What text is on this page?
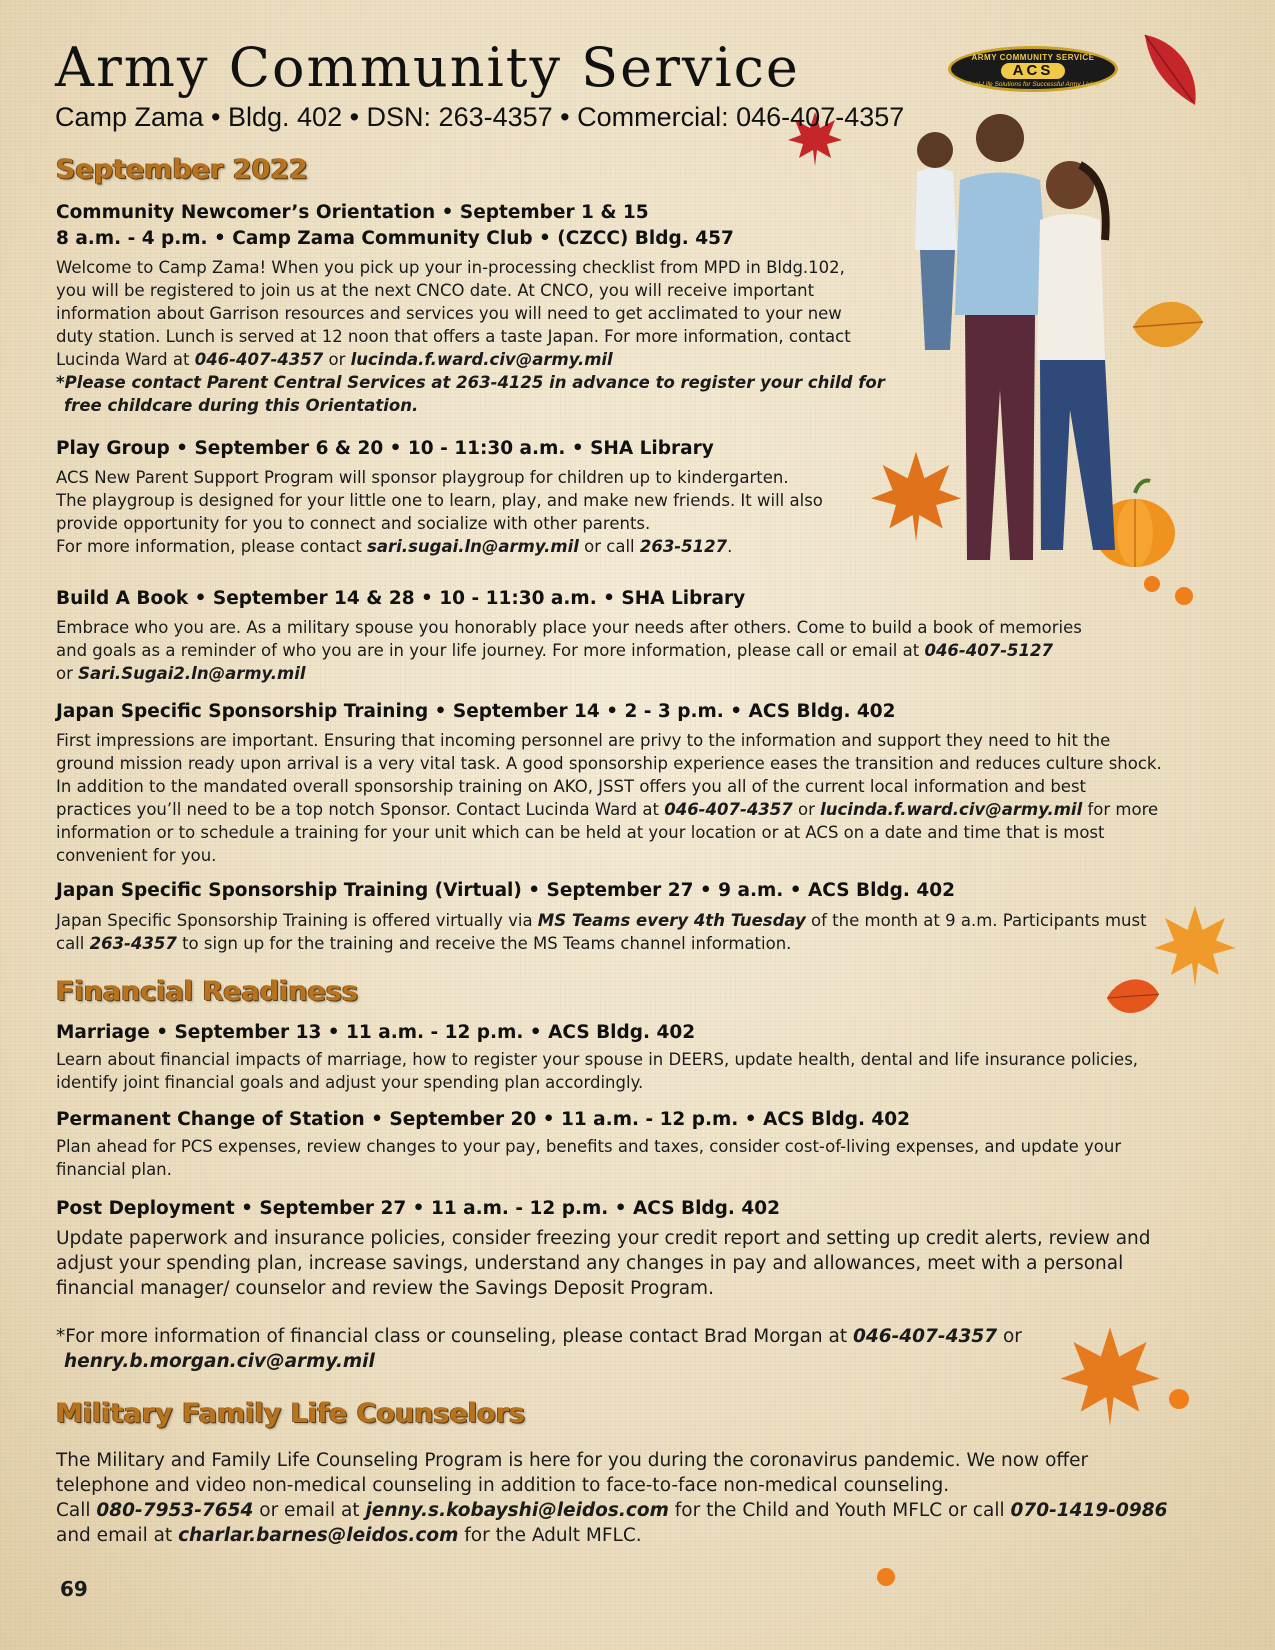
Army Community Service
Camp Zama • Bldg. 402 • DSN: 263-4357 • Commercial: 046-407-4357
ARMY COMMUNITY SERVICE
ACS
Real-Life Solutions for Successful Army Living
September 2022

Community Newcomer’s Orientation • September 1 & 15

8 a.m. - 4 p.m. • Camp Zama Community Club • (CZCC) Bldg. 457

Welcome to Camp Zama! When you pick up your in-processing checklist from MPD in Bldg.102,
you will be registered to join us at the next CNCO date. At CNCO, you will receive important
information about Garrison resources and services you will need to get acclimated to your new
duty station. Lunch is served at 12 noon that offers a taste Japan. For more information, contact
Lucinda Ward at 046-407-4357 or lucinda.f.ward.civ@army.mil
*Please contact Parent Central Services at 263-4125 in advance to register your child for
free childcare during this Orientation.

Play Group • September 6 & 20 • 10 - 11:30 a.m. • SHA Library

ACS New Parent Support Program will sponsor playgroup for children up to kindergarten.
The playgroup is designed for your little one to learn, play, and make new friends. It will also
provide opportunity for you to connect and socialize with other parents.
For more information, please contact sari.sugai.ln@army.mil or call 263-5127.

Build A Book • September 14 & 28 • 10 - 11:30 a.m. • SHA Library

Embrace who you are. As a military spouse you honorably place your needs after others. Come to build a book of memories
and goals as a reminder of who you are in your life journey. For more information, please call or email at 046-407-5127
or Sari.Sugai2.ln@army.mil

Japan Specific Sponsorship Training • September 14 • 2 - 3 p.m. • ACS Bldg. 402

First impressions are important. Ensuring that incoming personnel are privy to the information and support they need to hit the
ground mission ready upon arrival is a very vital task. A good sponsorship experience eases the transition and reduces culture shock.
In addition to the mandated overall sponsorship training on AKO, JSST offers you all of the current local information and best
practices you’ll need to be a top notch Sponsor. Contact Lucinda Ward at 046-407-4357 or lucinda.f.ward.civ@army.mil for more
information or to schedule a training for your unit which can be held at your location or at ACS on a date and time that is most
convenient for you.

Japan Specific Sponsorship Training (Virtual) • September 27 • 9 a.m. • ACS Bldg. 402

Japan Specific Sponsorship Training is offered virtually via MS Teams every 4th Tuesday of the month at 9 a.m. Participants must
call 263-4357 to sign up for the training and receive the MS Teams channel information.
Financial Readiness

Marriage • September 13 • 11 a.m. - 12 p.m. • ACS Bldg. 402

Learn about financial impacts of marriage, how to register your spouse in DEERS, update health, dental and life insurance policies,
identify joint financial goals and adjust your spending plan accordingly.

Permanent Change of Station • September 20 • 11 a.m. - 12 p.m. • ACS Bldg. 402

Plan ahead for PCS expenses, review changes to your pay, benefits and taxes, consider cost-of-living expenses, and update your
financial plan.

Post Deployment • September 27 • 11 a.m. - 12 p.m. • ACS Bldg. 402

Update paperwork and insurance policies, consider freezing your credit report and setting up credit alerts, review and
adjust your spending plan, increase savings, understand any changes in pay and allowances, meet with a personal
financial manager/ counselor and review the Savings Deposit Program.
*For more information of financial class or counseling, please contact Brad Morgan at 046-407-4357 or
henry.b.morgan.civ@army.mil
Military Family Life Counselors
The Military and Family Life Counseling Program is here for you during the coronavirus pandemic. We now offer
telephone and video non-medical counseling in addition to face-to-face non-medical counseling.
Call 080-7953-7654 or email at jenny.s.kobayshi@leidos.com for the Child and Youth MFLC or call 070-1419-0986
and email at charlar.barnes@leidos.com for the Adult MFLC.
69
